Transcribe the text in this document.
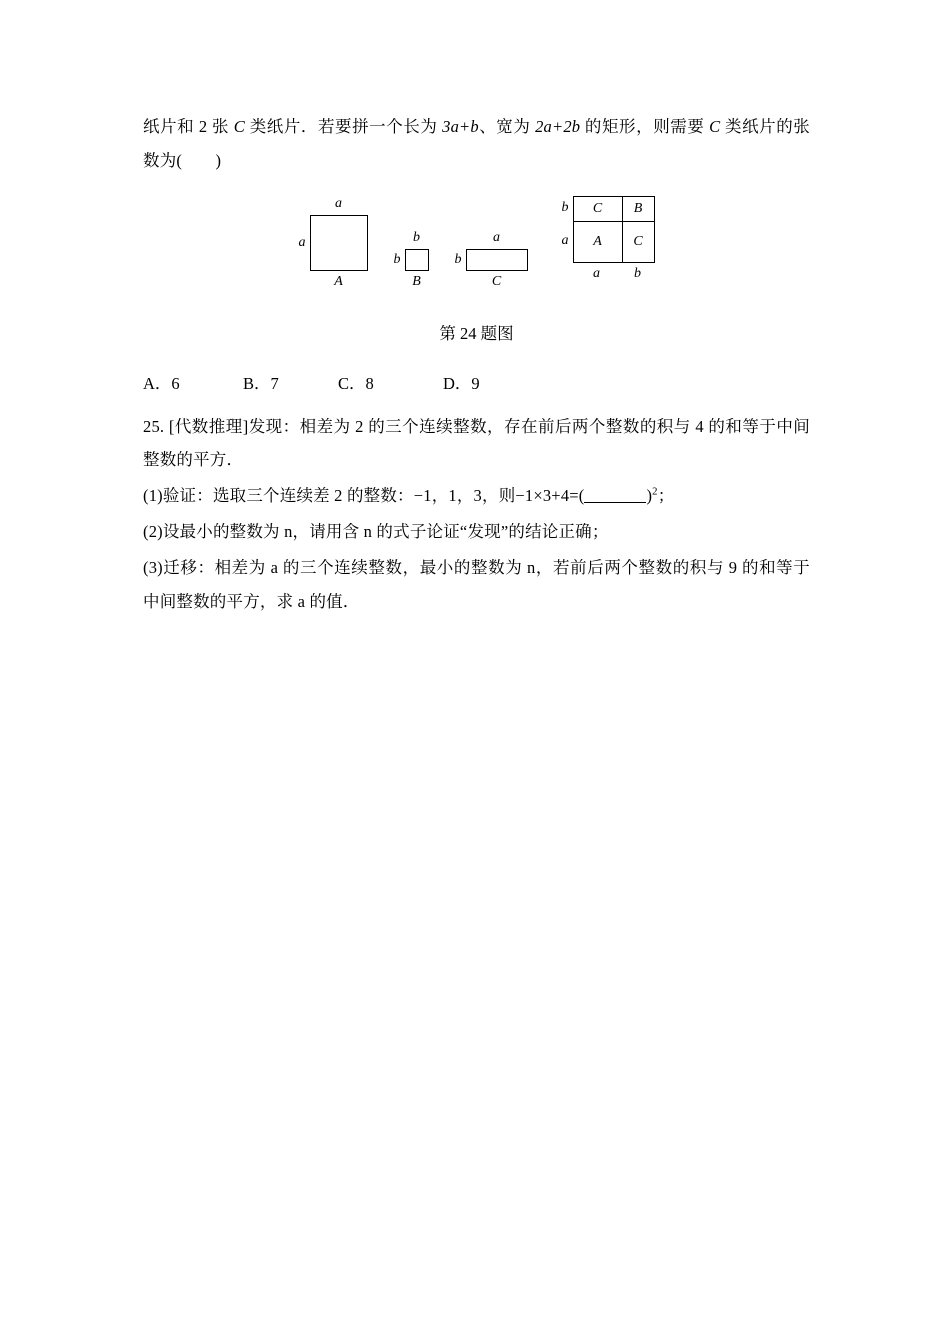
纸片和 2 张 C 类纸片．若要拼一个长为 3a+b、宽为 2a+2b 的矩形，则需要 C 类纸片的张数为(　　)
a
a
A
b
b
B
b
a
C
b
a
C	B
A	C
a	b
第 24 题图
A．6	B．7	C．8	D．9
25. [代数推理]发现：相差为 2 的三个连续整数，存在前后两个整数的积与 4 的和等于中间整数的平方．
(1)验证：选取三个连续差 2 的整数：−1，1，3，则−1×3+4=(	)$^2$；
(2)设最小的整数为 n，请用含 n 的式子论证“发现”的结论正确；
(3)迁移：相差为 a 的三个连续整数，最小的整数为 n，若前后两个整数的积与 9 的和等于中间整数的平方，求 a 的值．
